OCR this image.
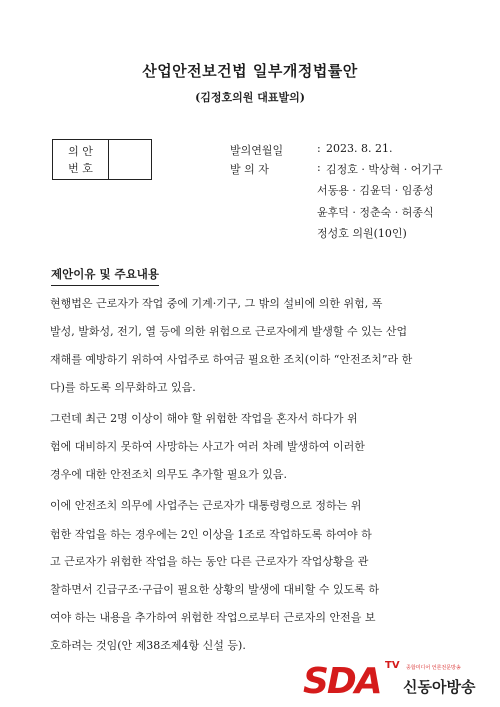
산업안전보건법 일부개정법률안
(김정호의원 대표발의)
의 안
번 호
발의연월일	: 2023. 8. 21.
발 의 자	: 김정호 · 박상혁 · 어기구
서동용 · 김윤덕 · 임종성
윤후덕 · 정춘숙 · 허종식
정성호 의원(10인)
제안이유 및 주요내용
현행법은 근로자가 작업 중에 기계·기구, 그 밖의 설비에 의한 위험, 폭
발성, 발화성, 전기, 열 등에 의한 위험으로 근로자에게 발생할 수 있는 산업
재해를 예방하기 위하여 사업주로 하여금 필요한 조치(이하 “안전조치”라 한
다)를 하도록 의무화하고 있음.
그런데 최근 2명 이상이 해야 할 위험한 작업을 혼자서 하다가 위
험에 대비하지 못하여 사망하는 사고가 여러 차례 발생하여 이러한
경우에 대한 안전조치 의무도 추가할 필요가 있음.
이에 안전조치 의무에 사업주는 근로자가 대통령령으로 정하는 위
험한 작업을 하는 경우에는 2인 이상을 1조로 작업하도록 하여야 하
고 근로자가 위험한 작업을 하는 동안 다른 근로자가 작업상황을 관
찰하면서 긴급구조·구급이 필요한 상황의 발생에 대비할 수 있도록 하
여야 하는 내용을 추가하여 위험한 작업으로부터 근로자의 안전을 보
호하려는 것임(안 제38조제4항 신설 등).
SDA TV 종합미디어 언론전문방송
신동아방송
